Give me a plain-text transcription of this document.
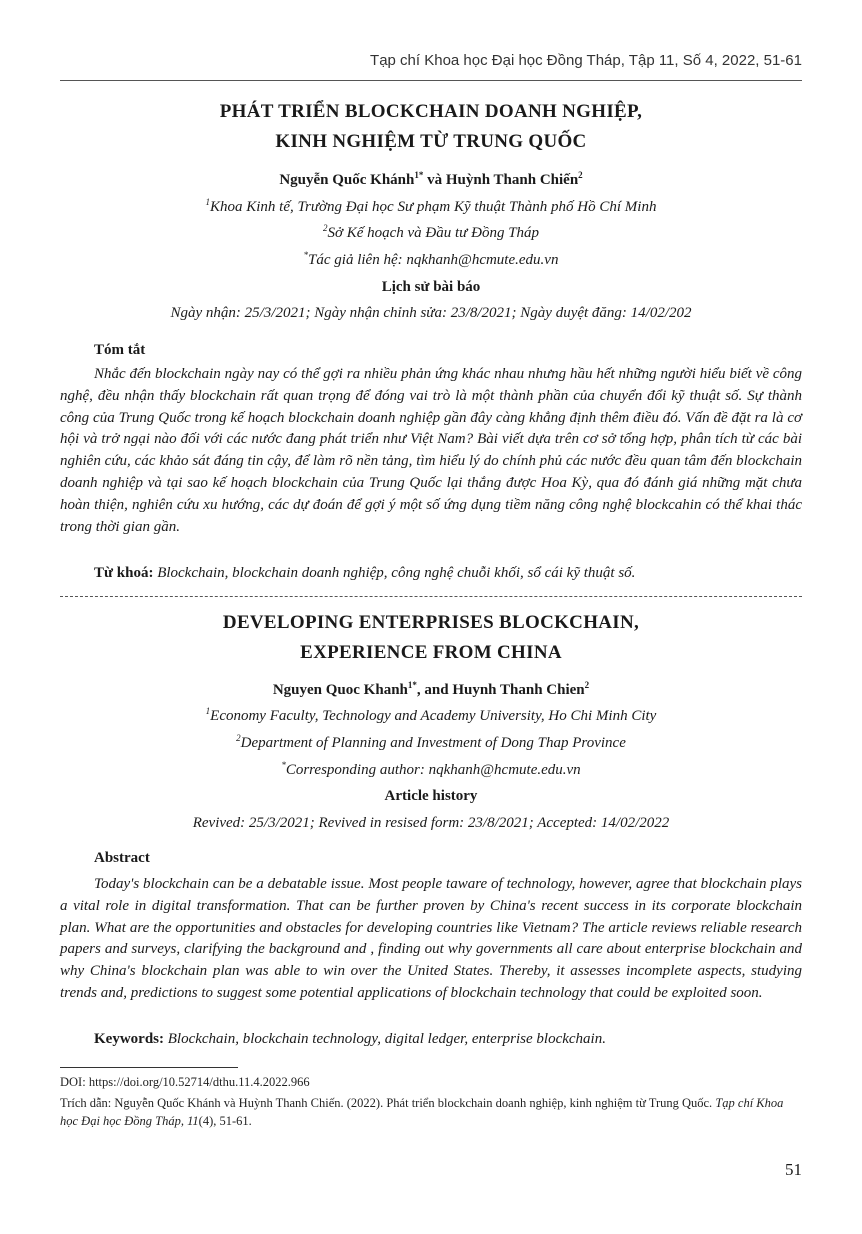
Tạp chí Khoa học Đại học Đồng Tháp, Tập 11, Số 4, 2022, 51-61
PHÁT TRIỂN BLOCKCHAIN DOANH NGHIỆP,
KINH NGHIỆM TỪ TRUNG QUỐC
Nguyễn Quốc Khánh$^{1*}$ và Huỳnh Thanh Chiến$^2$
$^1$Khoa Kinh tế, Trường Đại học Sư phạm Kỹ thuật Thành phố Hồ Chí Minh
$^2$Sở Kế hoạch và Đầu tư Đồng Tháp
*Tác giả liên hệ: nqkhanh@hcmute.edu.vn
Lịch sử bài báo
Ngày nhận: 25/3/2021; Ngày nhận chỉnh sửa: 23/8/2021; Ngày duyệt đăng: 14/02/202
Tóm tắt
Nhắc đến blockchain ngày nay có thể gợi ra nhiều phản ứng khác nhau nhưng hầu hết những người hiểu biết về công nghệ, đều nhận thấy blockchain rất quan trọng để đóng vai trò là một thành phần của chuyển đổi kỹ thuật số. Sự thành công của Trung Quốc trong kế hoạch blockchain doanh nghiệp gần đây càng khẳng định thêm điều đó. Vấn đề đặt ra là cơ hội và trở ngại nào đối với các nước đang phát triển như Việt Nam? Bài viết dựa trên cơ sở tổng hợp, phân tích từ các bài nghiên cứu, các khảo sát đáng tin cậy, để làm rõ nền tảng, tìm hiểu lý do chính phủ các nước đều quan tâm đến blockchain doanh nghiệp và tại sao kế hoạch blockchain của Trung Quốc lại thắng được Hoa Kỳ, qua đó đánh giá những mặt chưa hoàn thiện, nghiên cứu xu hướng, các dự đoán để gợi ý một số ứng dụng tiềm năng công nghệ blockcahin có thể khai thác trong thời gian gần.
Từ khoá: Blockchain, blockchain doanh nghiệp, công nghệ chuỗi khối, sổ cái kỹ thuật số.
DEVELOPING ENTERPRISES BLOCKCHAIN,
EXPERIENCE FROM CHINA
Nguyen Quoc Khanh$^{1*}$, and Huynh Thanh Chien$^2$
$^1$Economy Faculty, Technology and Academy University, Ho Chi Minh City
$^2$Department of Planning and Investment of Dong Thap Province
*Corresponding author: nqkhanh@hcmute.edu.vn
Article history
Revived: 25/3/2021; Revived in resised form: 23/8/2021; Accepted: 14/02/2022
Abstract
Today's blockchain can be a debatable issue. Most people taware of technology, however, agree that blockchain plays a vital role in digital transformation. That can be further proven by China's recent success in its corporate blockchain plan. What are the opportunities and obstacles for developing countries like Vietnam? The article reviews reliable research papers and surveys, clarifying the background and , finding out why governments all care about enterprise blockchain and why China's blockchain plan was able to win over the United States. Thereby, it assesses incomplete aspects, studying trends and, predictions to suggest some potential applications of blockchain technology that could be exploited soon.
Keywords: Blockchain, blockchain technology, digital ledger, enterprise blockchain.
DOI: https://doi.org/10.52714/dthu.11.4.2022.966
Trích dẫn: Nguyễn Quốc Khánh và Huỳnh Thanh Chiến. (2022). Phát triển blockchain doanh nghiệp, kinh nghiệm từ Trung Quốc. Tạp chí Khoa học Đại học Đồng Tháp, 11(4), 51-61.
51
